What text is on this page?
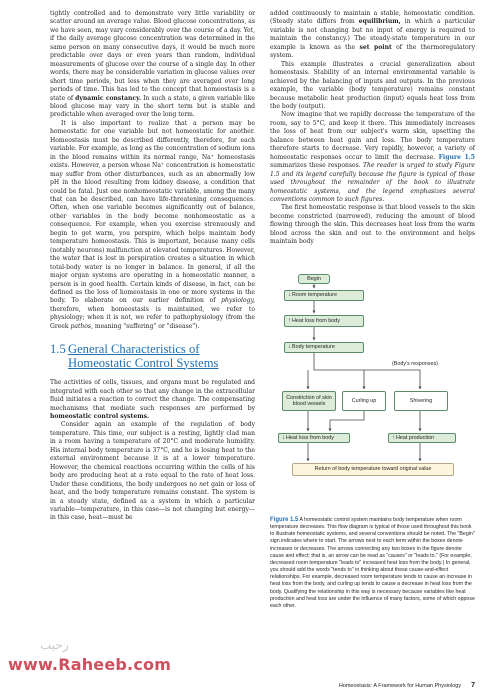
tightly controlled and to demonstrate very little variability or scatter around an average value. Blood glucose concentrations, as we have seen, may vary considerably over the course of a day. Yet, if the daily average glucose concentration was determined in the same person on many consecutive days, it would be much more predictable over days or even years than random, individual measurements of glucose over the course of a single day. In other words, there may be considerable variation in glucose values over short time periods, but less when they are averaged over long periods of time. This has led to the concept that homeostasis is a state of dynamic constancy. In such a state, a given variable like blood glucose may vary in the short term but is stable and predictable when averaged over the long term.

It is also important to realize that a person may be homeostatic for one variable but not homeostatic for another. Homeostasis must be described differently, therefore, for each variable. For example, as long as the concentration of sodium ions in the blood remains within its normal range, Na⁺ homeostasis exists. However, a person whose Na⁺ concentration is homeostatic may suffer from other disturbances, such as an abnormally low pH in the blood resulting from kidney disease, a condition that could be fatal. Just one nonhomeostatic variable, among the many that can be described, can have life-threatening consequences. Often, when one variable becomes significantly out of balance, other variables in the body become nonhomeostatic as a consequence. For example, when you exercise strenuously and begin to get warm, you perspire, which helps maintain body temperature homeostasis. This is important, because many cells (notably neurons) malfunction at elevated temperatures. However, the water that is lost in perspiration creates a situation in which total-body water is no longer in balance. In general, if all the major organ systems are operating in a homeostatic manner, a person is in good health. Certain kinds of disease, in fact, can be defined as the loss of homeostasis in one or more systems in the body. To elaborate on our earlier definition of physiology, therefore, when homeostasis is maintained, we refer to physiology; when it is not, we refer to pathophysiology (from the Greek pathos, meaning "suffering" or "disease").

1.5 General Characteristics of Homeostatic Control Systems

The activities of cells, tissues, and organs must be regulated and integrated with each other so that any change in the extracellular fluid initiates a reaction to correct the change. The compensating mechanisms that mediate such responses are performed by homeostatic control systems.

Consider again an example of the regulation of body temperature. This time, our subject is a resting, lightly clad man in a room having a temperature of 20°C and moderate humidity. His internal body temperature is 37°C, and he is losing heat to the external environment because it is at a lower temperature. However, the chemical reactions occurring within the cells of his body are producing heat at a rate equal to the rate of heat loss. Under these conditions, the body undergoes no net gain or loss of heat, and the body temperature remains constant. The system is in a steady state, defined as a system in which a particular variable—temperature, in this case—is not changing but energy—in this case, heat—must be

added continuously to maintain a stable, homeostatic condition. (Steady state differs from equilibrium, in which a particular variable is not changing but no input of energy is required to maintain the constancy.) The steady-state temperature in our example is known as the set point of the thermoregulatory system.

This example illustrates a crucial generalization about homeostasis. Stability of an internal environmental variable is achieved by the balancing of inputs and outputs. In the previous example, the variable (body temperature) remains constant because metabolic heat production (input) equals heat loss from the body (output).

Now imagine that we rapidly decrease the temperature of the room, say to 5°C, and keep it there. This immediately increases the loss of heat from our subject's warm skin, upsetting the balance between heat gain and loss. The body temperature therefore starts to decrease. Very rapidly, however, a variety of homeostatic responses occur to limit the decrease. Figure 1.5 summarizes these responses. The reader is urged to study Figure 1.5 and its legend carefully because the figure is typical of those used throughout the remainder of the book to illustrate homeostatic systems, and the legend emphasizes several conventions common to such figures.

The first homeostatic response is that blood vessels to the skin become constricted (narrowed), reducing the amount of blood flowing through the skin. This decreases heat loss from the warm blood across the skin and out to the environment and helps maintain body

Begin
↓ Room temperature
↑ Heat loss from body
↓ Body temperature
(Body's responses)
Constriction of skin blood vessels
Curling up	Shivering
↓ Heat loss from body	↑ Heat production
Return of body temperature toward original value
Figure 1.5 A homeostatic control system maintains body temperature when room temperature decreases. This flow diagram is typical of those used throughout this book to illustrate homeostatic systems, and several conventions should be noted. The "Begin" sign indicates where to start. The arrows next to each term within the boxes denote increases or decreases. The arrows connecting any two boxes in the figure denote cause and effect; that is, an arrow can be read as "causes" or "leads to." (For example, decreased room temperature "leads to" increased heat loss from the body.) In general, you should add the words "tends to" in thinking about these cause-and-effect relationships. For example, decreased room temperature tends to cause an increase in heat loss from the body, and curling up tends to cause a decrease in heat loss from the body. Qualifying the relationship in this way is necessary because variables like heat production and heat loss are under the influence of many factors, some of which oppose each other.
Homeostasis: A Framework for Human Physiology 7
رحيب
www.Raheeb.com
